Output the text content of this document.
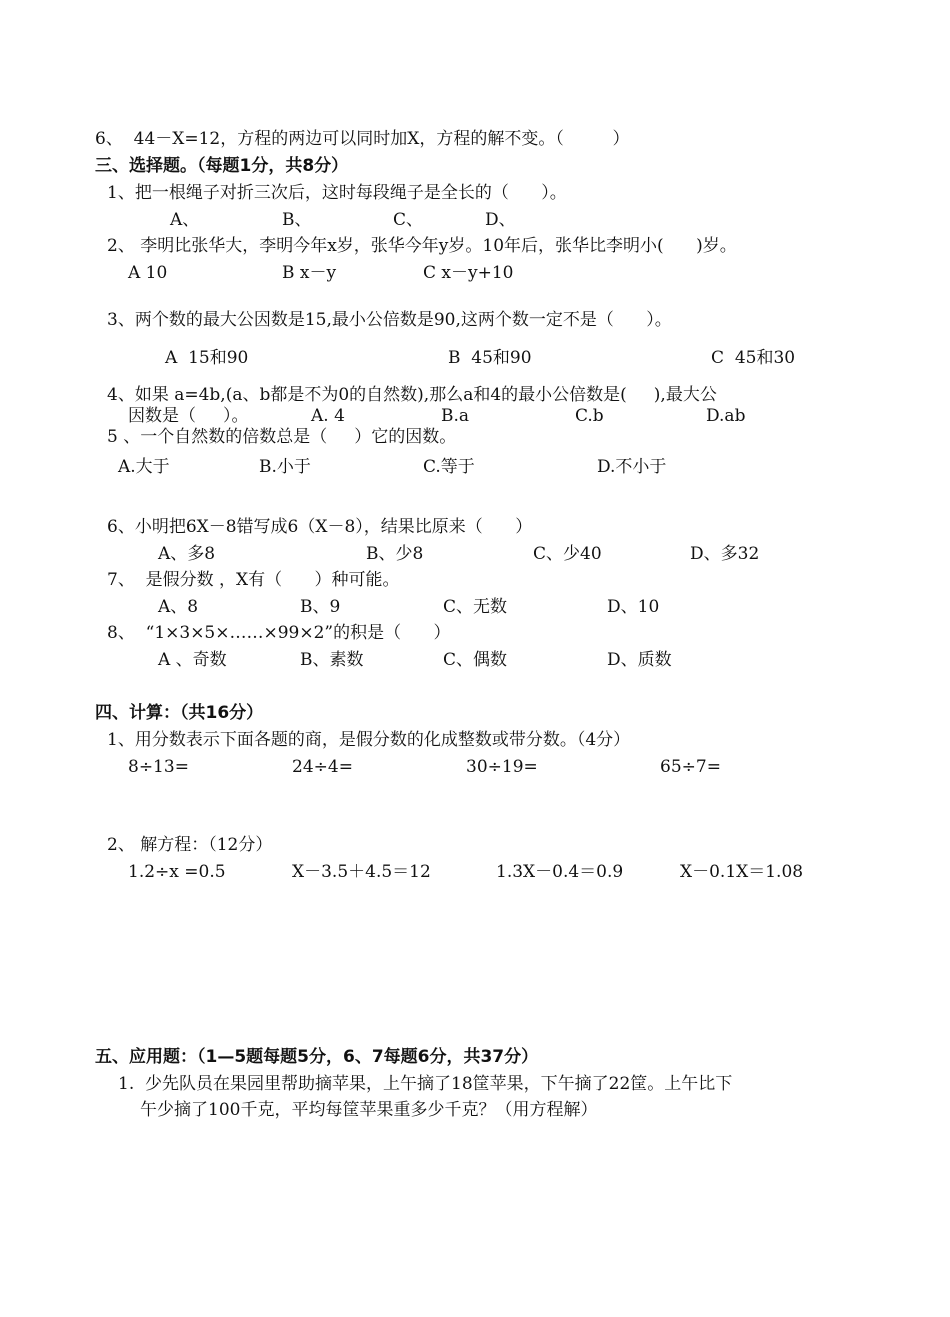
6、  44－X=12，方程的两边可以同时加X，方程的解不变。（         ）
三、选择题。（每题1分，共8分）
1、把一根绳子对折三次后，这时每段绳子是全长的（      ）。
A、	B、	C、	D、
2、 李明比张华大，李明今年x岁，张华今年y岁。10年后，张华比李明小(      )岁。
A 10	B x－y	C x－y+10
3、两个数的最大公因数是15,最小公倍数是90,这两个数一定不是（      ）。
A  15和90	B  45和90	C  45和30
4、如果 a=4b,(a、b都是不为0的自然数),那么a和4的最小公倍数是(     ),最大公
因数是（     ）。	A. 4	B.a	C.b	D.ab
5 、一个自然数的倍数总是（     ）它的因数。
A.大于	B.小于	C.等于	D.不小于
6、小明把6X－8错写成6（X－8），结果比原来（      ）
A、多8	B、少8	C、少40	D、多32
7、  是假分数 ，X有（      ）种可能。
A、8	B、9	C、无数	D、10
8、  “1×3×5×……×99×2”的积是（      ）
A 、奇数	B、素数	C、偶数	D、质数
四、计算：（共16分）
1、用分数表示下面各题的商，是假分数的化成整数或带分数。（4分）
8÷13=	24÷4=	30÷19=	65÷7=
2、 解方程：（12分）
1.2÷x =0.5	X－3.5＋4.5＝12	1.3X－0.4＝0.9	X－0.1X＝1.08
五、应用题：（1—5题每题5分，6、7每题6分，共37分）
1.  少先队员在果园里帮助摘苹果，上午摘了18筐苹果，下午摘了22筐。上午比下
午少摘了100千克，平均每筐苹果重多少千克？（用方程解）
